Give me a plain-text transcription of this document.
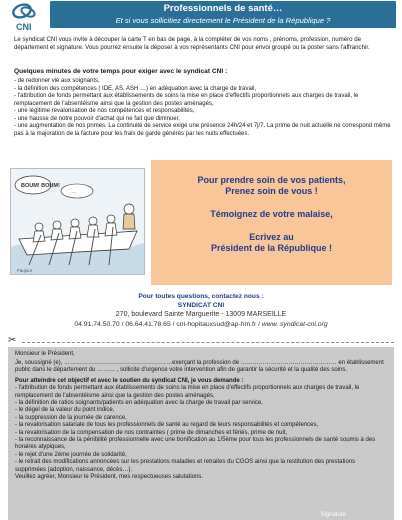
CNI
Professionnels de santé…
Et si vous sollicitiez directement le Président de la République ?

Le syndicat CNI vous invite à découper la carte T en bas de page, à la compléter de vos noms , prénoms, profession, numéro de département et signature. Vous pourrez ensuite la déposer à vos représentants CNI pour envoi groupé ou la poster sans l'affranchir.

Quelques minutes de votre temps pour exiger avec le syndicat CNI :
- de redonner vie aux soignants,
- la définition des compétences ( IDE, AS, ASH …) en adéquation avec la charge de travail,
- l'attribution de fonds permettant aux établissements de soins la mise en place d'effectifs proportionnels aux charges de travail, le remplacement de l'absentéisme ainsi que la gestion des postes aménagés,
- une légitime revalorisation de nos compétences et responsabilités,
- une hausse de notre pouvoir d'achat qui ne fait que diminuer,
- une augmentation de nos primes. La continuité de service exige une présence 24h/24 et 7j/7. La prime de nuit actuelle ne correspond même pas à la majoration de la facture pour les frais de garde générés par les nuits effectuées.
BOUM! BOUM!
…
Faujour

Pour prendre soin de vos patients,

Prenez soin de vous !

Témoignez de votre malaise,

Ecrivez au

Président de la République !

Pour toutes questions, contactez nous :
SYNDICAT CNI
270, boulevard Sainte Marguerite - 13009 MARSEILLE
04.91.74.50.70 / 06.64.41.78.65 / cni-hopitauxsud@ap-hm.fr / www. syndicat-cni.org
✂
Monsieur le Président,
Je, soussigné (e), ………………………………………………exerçant la profession de ………………………………………… en établissement public dans le département du ……… , sollicite d'urgence votre intervention afin de garantir la sécurité et la qualité des soins.
Pour atteindre cet objectif et avec le soutien du syndicat CNI, je vous demande :
- l'attribution de fonds permettant aux établissements de soins la mise en place d'effectifs proportionnels aux charges de travail, le remplacement de l'absentéisme ainsi que la gestion des postes aménagés,
- la définition de ratios soignants/patients en adéquation avec la charge de travail par service,
- le dégel de la valeur du point indice,
- la suppression de la journée de carence,
- la revalorisation salariale de tous les professionnels de santé au regard de leurs responsabilités et compétences,
- la revalorisation de la compensation de nos contraintes ( prime de dimanches et fériés, prime de nuit,
- la reconnaissance de la pénibilité professionnelle avec une bonification au 1/5ème pour tous les professionnels de santé soumis à des horaires atypiques,
- le rejet d'une 2ème journée de solidarité,
- le retrait des modifications annoncées sur les prestations maladies et retraites du CGOS ainsi que la restitution des prestations supprimées (adoption, naissance, décès…).
Veuillez agréer, Monsieur le Président, mes respectueuses salutations.
Signature
